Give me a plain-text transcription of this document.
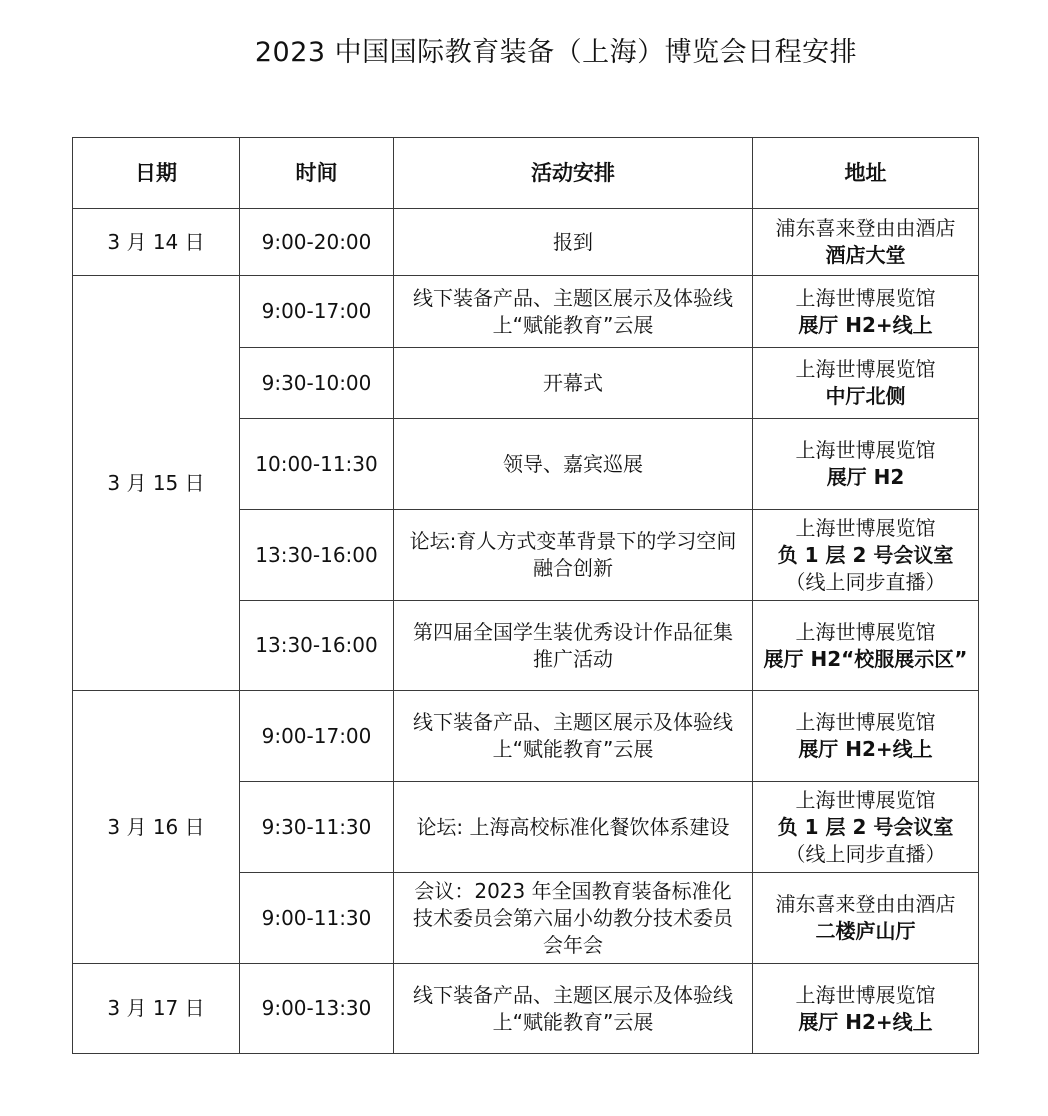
2023 中国国际教育装备（上海）博览会日程安排
日期	时间	活动安排	地址
3 月 14 日	9:00-20:00	报到	浦东喜来登由由酒店
酒店大堂

3 月 15 日	9:00-17:00	线下装备产品、主题区展示及体验线上“赋能教育”云展	上海世博展览馆
展厅 H2+线上

	9:30-10:00	开幕式	上海世博展览馆
中厅北侧

	10:00-11:30	领导、嘉宾巡展	上海世博展览馆
展厅 H2

	13:30-16:00	论坛:育人方式变革背景下的学习空间融合创新	上海世博展览馆
负 1 层 2 号会议室
（线上同步直播）

	13:30-16:00	第四届全国学生装优秀设计作品征集推广活动	上海世博展览馆
展厅 H2“校服展示区”

3 月 16 日	9:00-17:00	线下装备产品、主题区展示及体验线上“赋能教育”云展	上海世博展览馆
展厅 H2+线上

	9:30-11:30	论坛: 上海高校标准化餐饮体系建设	上海世博展览馆
负 1 层 2 号会议室
（线上同步直播）

	9:00-11:30	会议：2023 年全国教育装备标准化技术委员会第六届小幼教分技术委员会年会	浦东喜来登由由酒店
二楼庐山厅

3 月 17 日	9:00-13:30	线下装备产品、主题区展示及体验线上“赋能教育”云展	上海世博展览馆
展厅 H2+线上
